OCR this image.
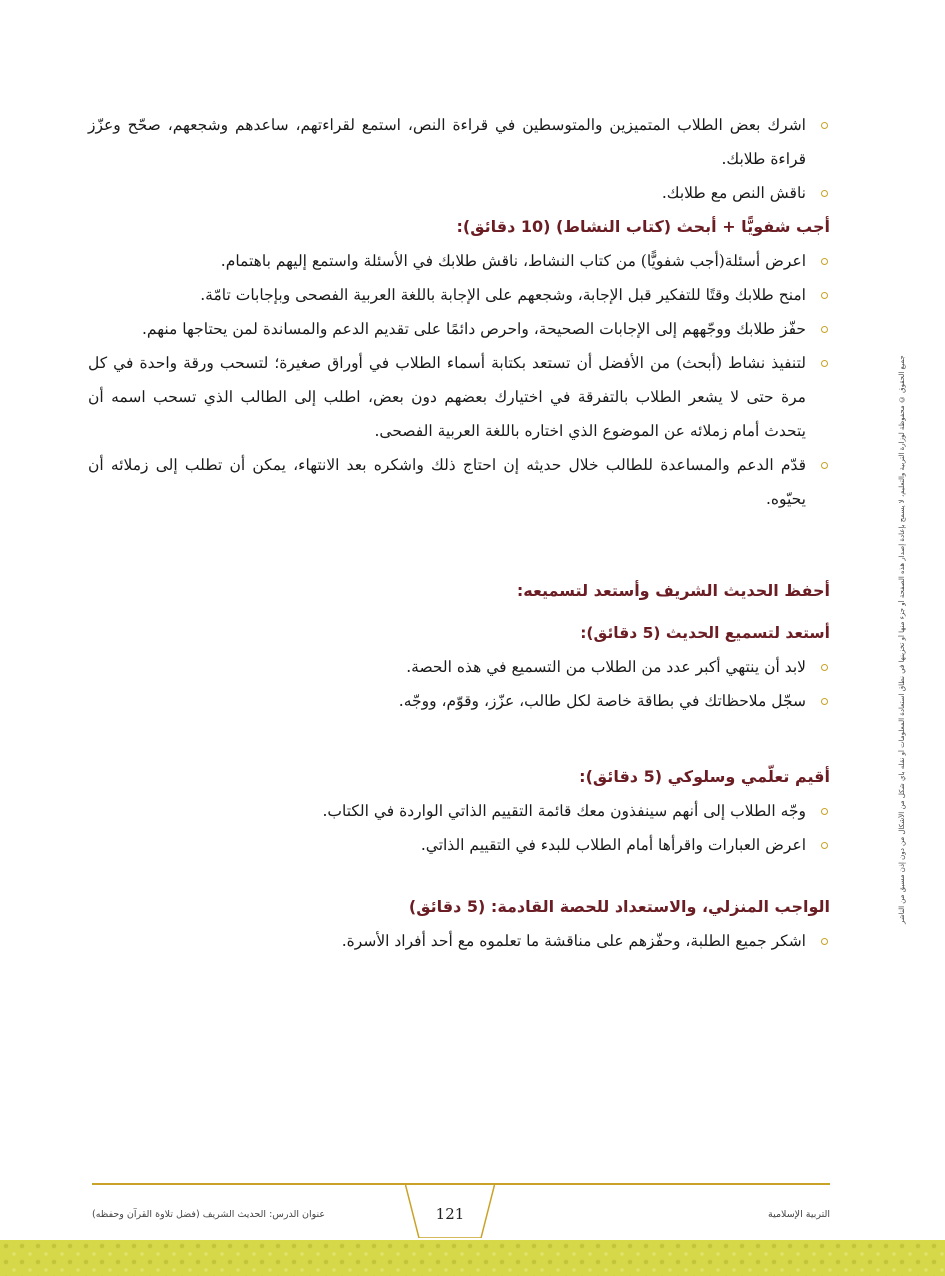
جميع الحقوق © محفوظة لوزارة التربية والتعليم، لا يسمح بإعادة إصدار هذه الصفحة أو جزء منها أو تخزينها في نطاق استعادة المعلومات أو نقله بأي شكل من الأشكال من دون إذن مسبق من الناشر
اشرك بعض الطلاب المتميزين والمتوسطين في قراءة النص، استمع لقراءتهم، ساعدهم وشجعهم، صحّح وعزّز قراءة طلابك.
ناقش النص مع طلابك.
أجب شفويًّا + أبحث (كتاب النشاط) (10 دقائق):
اعرض أسئلة(أجب شفويًّا) من كتاب النشاط، ناقش طلابك في الأسئلة واستمع إليهم باهتمام.
امنح طلابك وقتًا للتفكير قبل الإجابة، وشجعهم على الإجابة باللغة العربية الفصحى وبإجابات تامّة.
حفّز طلابك ووجّههم إلى الإجابات الصحيحة، واحرص دائمًا على تقديم الدعم والمساندة لمن يحتاجها منهم.
لتنفيذ نشاط (أبحث) من الأفضل أن تستعد بكتابة أسماء الطلاب في أوراق صغيرة؛ لتسحب ورقة واحدة في كل مرة حتى لا يشعر الطلاب بالتفرقة في اختيارك بعضهم دون بعض، اطلب إلى الطالب الذي تسحب اسمه أن يتحدث أمام زملائه عن الموضوع الذي اختاره باللغة العربية الفصحى.
قدّم الدعم والمساعدة للطالب خلال حديثه إن احتاج ذلك واشكره بعد الانتهاء، يمكن أن تطلب إلى زملائه أن يحيّوه.
أحفظ الحديث الشريف وأستعد لتسميعه:
أستعد لتسميع الحديث (5 دقائق):
لابد أن ينتهي أكبر عدد من الطلاب من التسميع في هذه الحصة.
سجّل ملاحظاتك في بطاقة خاصة لكل طالب، عزّز، وقوّم، ووجّه.
أقيم تعلّمي وسلوكي (5 دقائق):
وجّه الطلاب إلى أنهم سينفذون معك قائمة التقييم الذاتي الواردة في الكتاب.
اعرض العبارات واقرأها أمام الطلاب للبدء في التقييم الذاتي.
الواجب المنزلي، والاستعداد للحصة القادمة: (5 دقائق)
اشكر جميع الطلبة، وحفّزهم على مناقشة ما تعلموه مع أحد أفراد الأسرة.
121
عنوان الدرس: الحديث الشريف (فضل تلاوة القرآن وحفظه)	التربية الإسلامية
